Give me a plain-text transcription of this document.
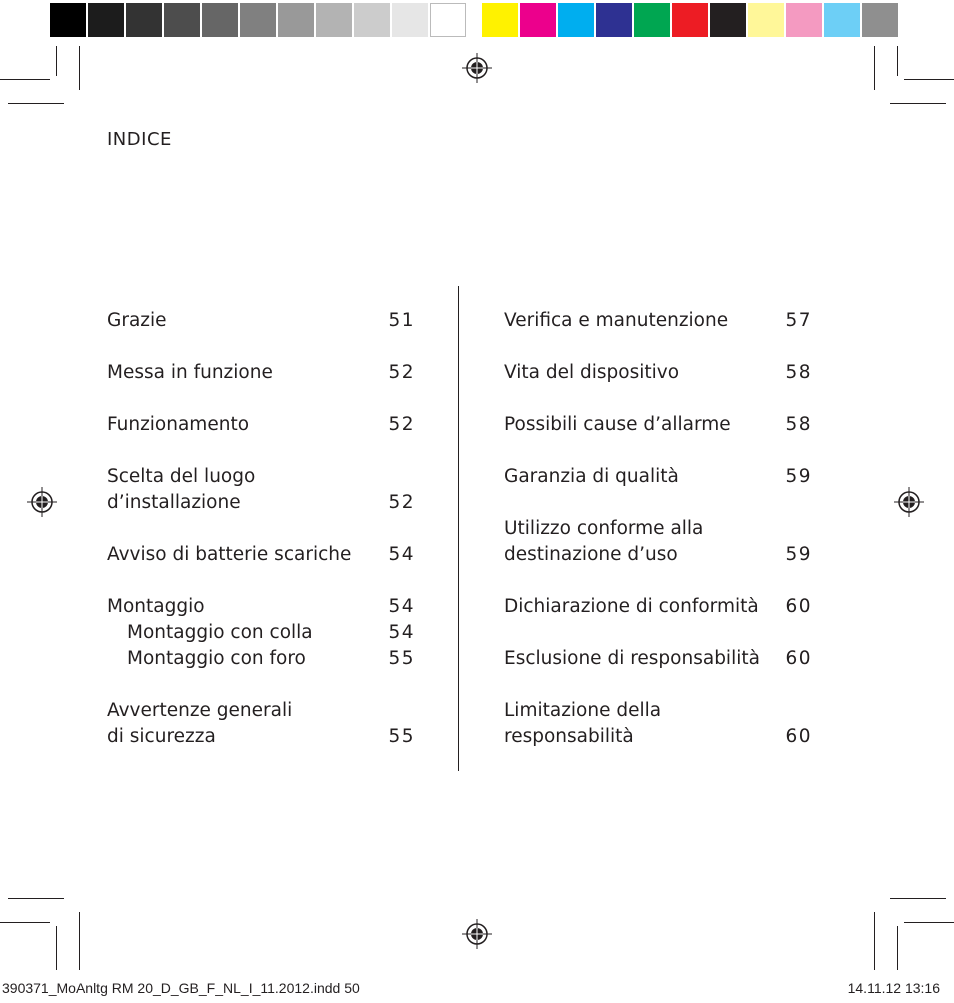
INDICE
Grazie	51
Messa in funzione	52
Funzionamento	52
Scelta del luogo
d’installazione	52
Avviso di batterie scariche 54
Montaggio	54
Montaggio con colla	54
Montaggio con foro	55
Avvertenze generali
di sicurezza	55
Verifica e manutenzione	57
Vita del dispositivo	58
Possibili cause d’allarme	58
Garanzia di qualità	59
Utilizzo conforme alla
destinazione d’uso	59
Dichiarazione di conformità 60
Esclusione di responsabilità 60
Limitazione della
responsabilità	60
390371_MoAnltg RM 20_D_GB_F_NL_I_11.2012.indd 50	14.11.12 13:16
